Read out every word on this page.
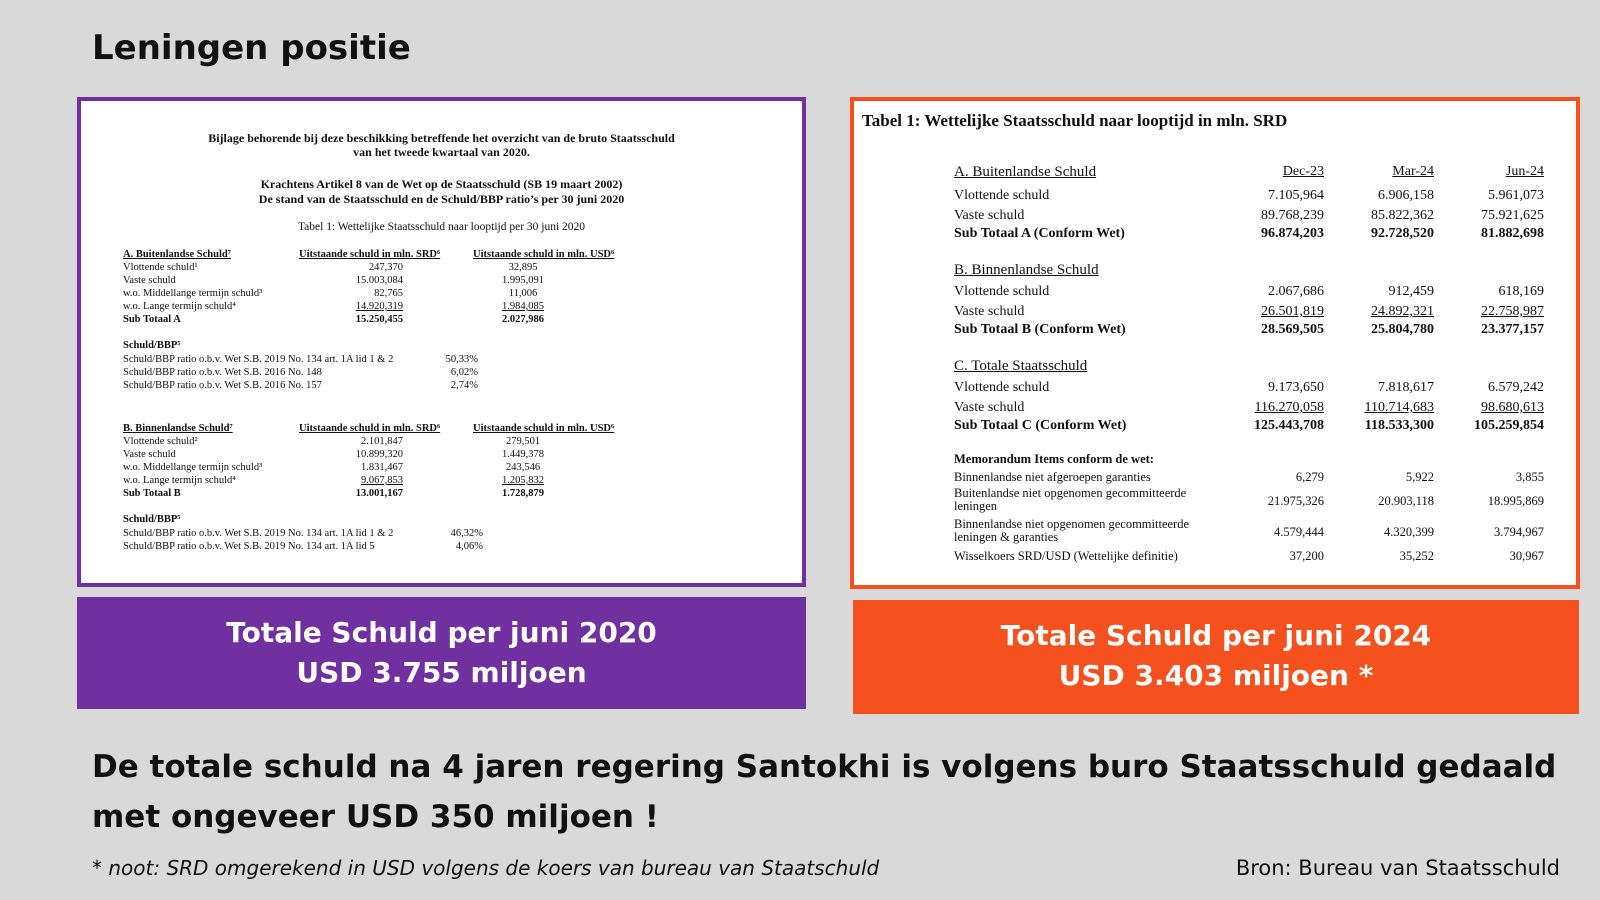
Leningen positie
Bijlage behorende bij deze beschikking betreffende het overzicht van de bruto Staatsschuld
van het tweede kwartaal van 2020.
Krachtens Artikel 8 van de Wet op de Staatsschuld (SB 19 maart 2002)
De stand van de Staatsschuld en de Schuld/BBP ratio’s per 30 juni 2020
Tabel 1: Wettelijke Staatsschuld naar looptijd per 30 juni 2020
A. Buitenlandse Schuld⁷	Uitstaande schuld in mln. SRD⁶	Uitstaande schuld in mln. USD⁶
Vlottende schuld¹	247,370	32,895
Vaste schuld	15.003,084	1.995,091
w.o. Middellange termijn schuld³	82,765	11,006
w.o. Lange termijn schuld⁴	14.920,319	1.984,085
Sub Totaal A	15.250,455	2.027,986
Schuld/BBP⁵
Schuld/BBP ratio o.b.v. Wet S.B. 2019 No. 134 art. 1A lid 1 & 2	50,33%
Schuld/BBP ratio o.b.v. Wet S.B. 2016 No. 148	6,02%
Schuld/BBP ratio o.b.v. Wet S.B. 2016 No. 157	2,74%
B. Binnenlandse Schuld⁷	Uitstaande schuld in mln. SRD⁶	Uitstaande schuld in mln. USD⁶
Vlottende schuld²	2.101,847	279,501
Vaste schuld	10.899,320	1.449,378
w.o. Middellange termijn schuld³	1.831,467	243,546
w.o. Lange termijn schuld⁴	9.067,853	1.205,832
Sub Totaal B	13.001,167	1.728,879
Schuld/BBP⁵
Schuld/BBP ratio o.b.v. Wet S.B. 2019 No. 134 art. 1A lid 1 & 2	46,32%
Schuld/BBP ratio o.b.v. Wet S.B. 2019 No. 134 art. 1A lid 5	4,06%
Tabel 1: Wettelijke Staatsschuld naar looptijd in mln. SRD
A. Buitenlandse Schuld	Dec-23	Mar-24	Jun-24
Vlottende schuld	7.105,964	6.906,158	5.961,073
Vaste schuld	89.768,239	85.822,362	75.921,625
Sub Totaal A (Conform Wet)	96.874,203	92.728,520	81.882,698
B. Binnenlandse Schuld
Vlottende schuld	2.067,686	912,459	618,169
Vaste schuld	26.501,819	24.892,321	22.758,987
Sub Totaal B (Conform Wet)	28.569,505	25.804,780	23.377,157
C. Totale Staatsschuld
Vlottende schuld	9.173,650	7.818,617	6.579,242
Vaste schuld	116.270,058	110.714,683	98.680,613
Sub Totaal C (Conform Wet)	125.443,708	118.533,300	105.259,854
Memorandum Items conform de wet:
Binnenlandse niet afgeroepen garanties	6,279	5,922	3,855
Buitenlandse niet opgenomen gecommitteerde leningen	21.975,326	20.903,118	18.995,869
Binnenlandse niet opgenomen gecommitteerde leningen & garanties	4.579,444	4.320,399	3.794,967
Wisselkoers SRD/USD (Wettelijke definitie)	37,200	35,252	30,967
Totale Schuld per juni 2020
USD 3.755 miljoen
Totale Schuld per juni 2024
USD 3.403 miljoen *
De totale schuld na 4 jaren regering Santokhi is volgens buro Staatsschuld gedaald met ongeveer USD 350 miljoen !
* noot: SRD omgerekend in USD volgens de koers van bureau van Staatschuld	Bron: Bureau van Staatsschuld
